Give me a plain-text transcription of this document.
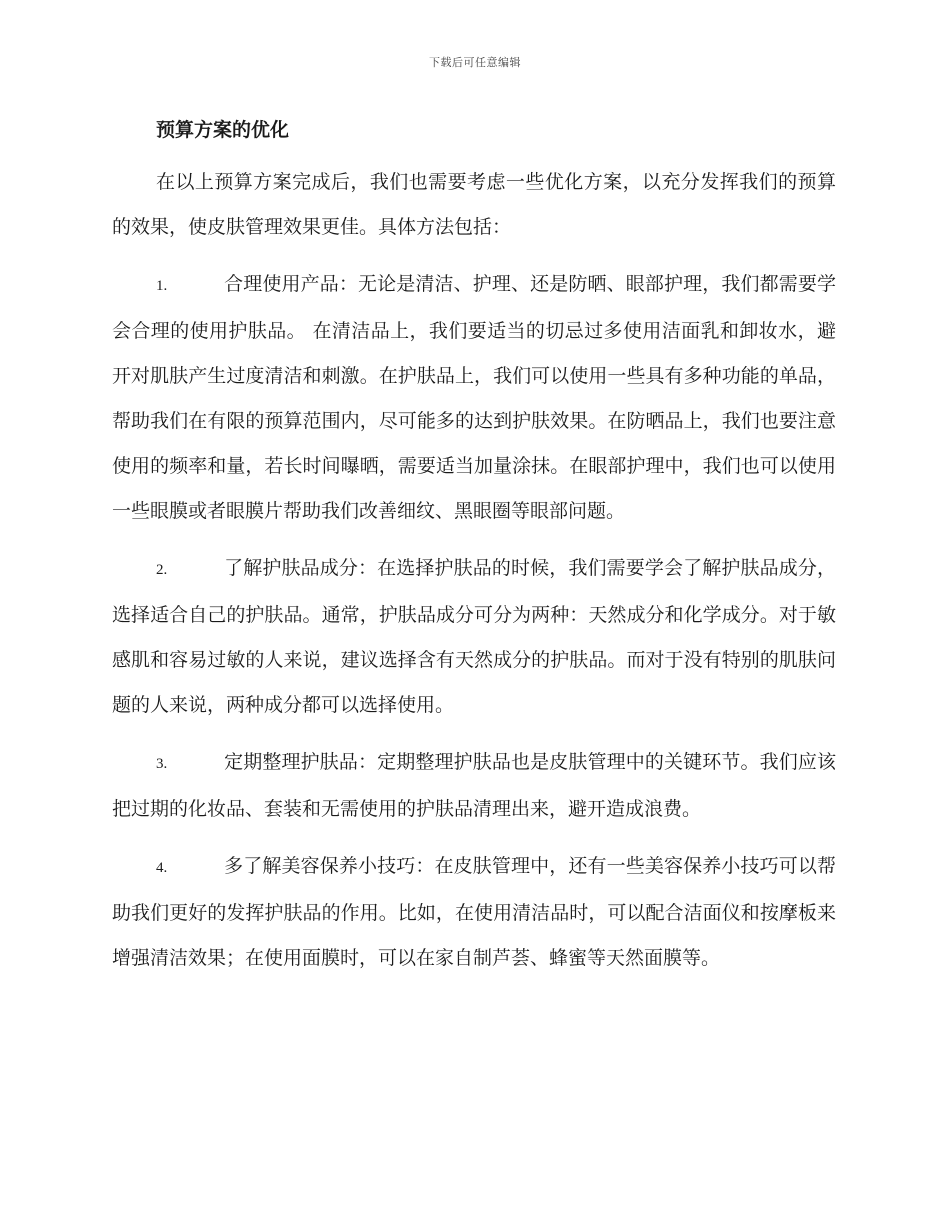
下载后可任意编辑
预算方案的优化

在以上预算方案完成后，我们也需要考虑一些优化方案，以充分发挥我们的预算的效果，使皮肤管理效果更佳。具体方法包括：

1.	合理使用产品：无论是清洁、护理、还是防晒、眼部护理，我们都需要学会合理的使用护肤品。 在清洁品上，我们要适当的切忌过多使用洁面乳和卸妆水，避开对肌肤产生过度清洁和刺激。在护肤品上，我们可以使用一些具有多种功能的单品，帮助我们在有限的预算范围内，尽可能多的达到护肤效果。在防晒品上，我们也要注意使用的频率和量，若长时间曝晒，需要适当加量涂抹。在眼部护理中，我们也可以使用一些眼膜或者眼膜片帮助我们改善细纹、黑眼圈等眼部问题。

2.	了解护肤品成分：在选择护肤品的时候，我们需要学会了解护肤品成分，选择适合自己的护肤品。通常，护肤品成分可分为两种：天然成分和化学成分。对于敏感肌和容易过敏的人来说，建议选择含有天然成分的护肤品。而对于没有特别的肌肤问题的人来说，两种成分都可以选择使用。

3.	定期整理护肤品：定期整理护肤品也是皮肤管理中的关键环节。我们应该把过期的化妆品、套装和无需使用的护肤品清理出来，避开造成浪费。

4.	多了解美容保养小技巧：在皮肤管理中，还有一些美容保养小技巧可以帮助我们更好的发挥护肤品的作用。比如，在使用清洁品时，可以配合洁面仪和按摩板来增强清洁效果；在使用面膜时，可以在家自制芦荟、蜂蜜等天然面膜等。
